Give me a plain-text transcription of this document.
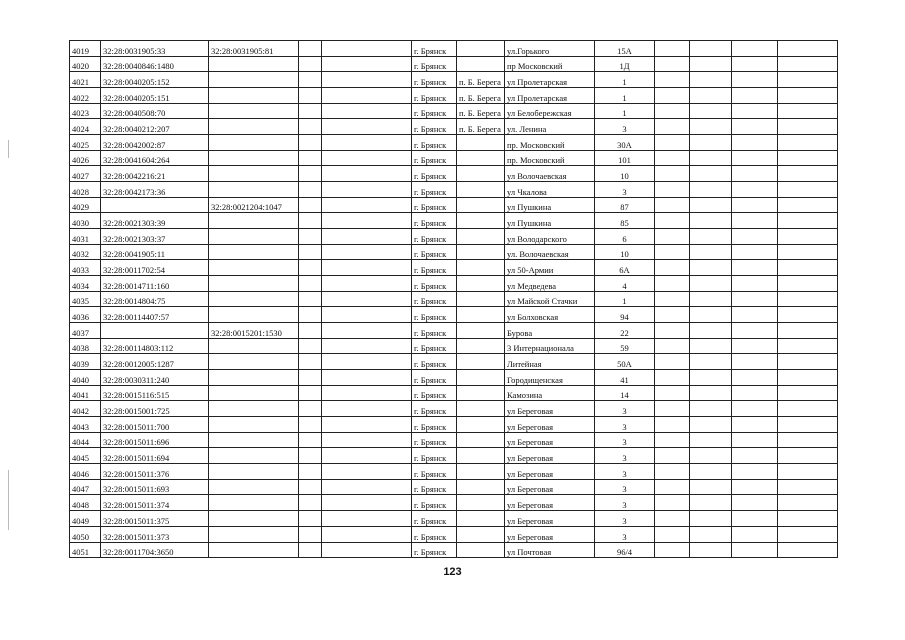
4019	32:28:0031905:33	32:28:0031905:81			г. Брянск		ул.Горького	15А				
4020	32:28:0040846:1480				г. Брянск		пр Московский	1Д				
4021	32:28:0040205:152				г. Брянск	п. Б. Берега	ул Пролетарская	1				
4022	32:28:0040205:151				г. Брянск	п. Б. Берега	ул Пролетарская	1				
4023	32:28:0040508:70				г. Брянск	п. Б. Берега	ул Белобережская	1				
4024	32:28:0040212:207				г. Брянск	п. Б. Берега	ул. Ленина	3				
4025	32:28:0042002:87				г. Брянск		пр. Московский	30А				
4026	32:28:0041604:264				г. Брянск		пр. Московский	101				
4027	32:28:0042216:21				г. Брянск		ул Волочаевская	10				
4028	32:28:0042173:36				г. Брянск		ул Чкалова	3				
4029		32:28:0021204:1047			г. Брянск		ул Пушкина	87				
4030	32:28:0021303:39				г. Брянск		ул Пушкина	85				
4031	32:28:0021303:37				г. Брянск		ул Володарского	6				
4032	32:28:0041905:11				г. Брянск		ул. Волочаевская	10				
4033	32:28:0011702:54				г. Брянск		ул 50-Армии	6А				
4034	32:28:0014711:160				г. Брянск		ул Медведева	4				
4035	32:28:0014804:75				г. Брянск		ул Майской Стачки	1				
4036	32:28:00114407:57				г. Брянск		ул Болховская	94				
4037		32:28:0015201:1530			г. Брянск		Бурова	22				
4038	32:28:00114803:112				г. Брянск		3 Интернационала	59				
4039	32:28:0012005:1287				г. Брянск		Литейная	50А				
4040	32:28:0030311:240				г. Брянск		Городищенская	41				
4041	32:28:0015116:515				г. Брянск		Камозина	14				
4042	32:28:0015001:725				г. Брянск		ул Береговая	3				
4043	32:28:0015011:700				г. Брянск		ул Береговая	3				
4044	32:28:0015011:696				г. Брянск		ул Береговая	3				
4045	32:28:0015011:694				г. Брянск		ул Береговая	3				
4046	32:28:0015011:376				г. Брянск		ул Береговая	3				
4047	32:28:0015011:693				г. Брянск		ул Береговая	3				
4048	32:28:0015011:374				г. Брянск		ул Береговая	3				
4049	32:28:0015011:375				г. Брянск		ул Береговая	3				
4050	32:28:0015011:373				г. Брянск		ул Береговая	3				
4051	32:28:0011704:3650				г. Брянск		ул Почтовая	96/4				
123
